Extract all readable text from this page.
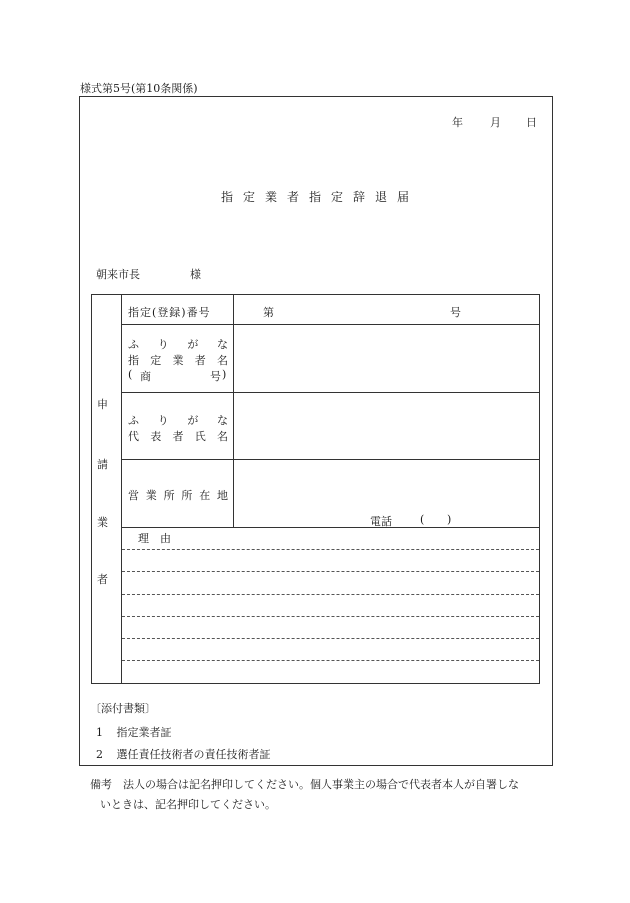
様式第5号(第10条関係)
年 月 日
指定業者指定辞退届
朝来市長	様
申
請
業
者
指定(登録)番号	第	号
ふ り が な
指 定 業 者 名
( 商	号 )
ふ り が な
代 表 者 氏 名
営 業 所 所 在 地
電話	( )
理　由
〔添付書類〕
1 指定業者証
2 選任責任技術者の責任技術者証
備考　法人の場合は記名押印してください。個人事業主の場合で代表者本人が自署しな
いときは、記名押印してください。
